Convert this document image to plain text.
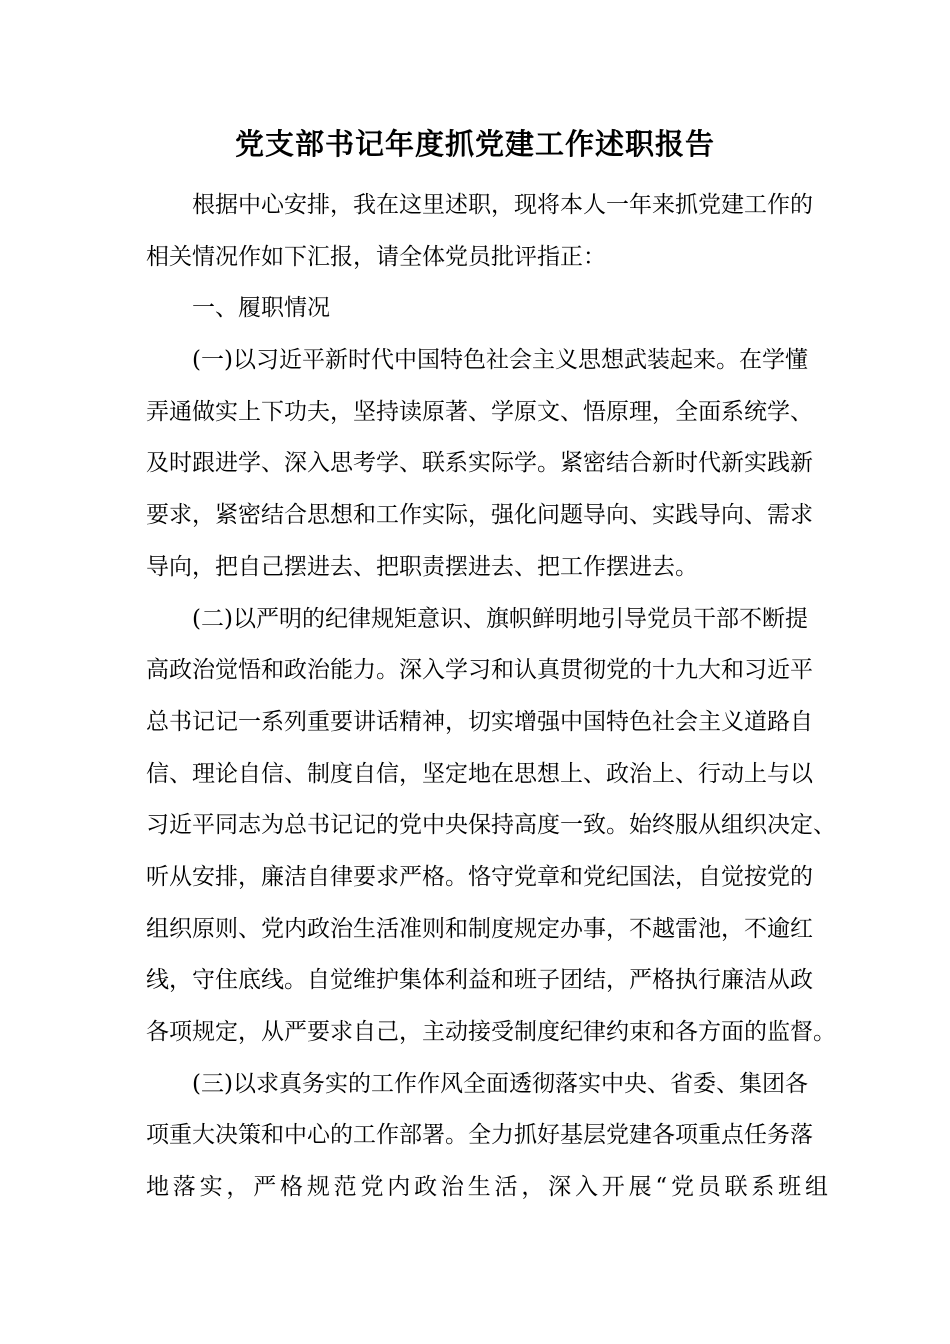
党支部书记年度抓党建工作述职报告

根据中心安排，我在这里述职，现将本人一年来抓党建工作的

相关情况作如下汇报，请全体党员批评指正：

一、履职情况

(一)以习近平新时代中国特色社会主义思想武装起来。在学懂

弄通做实上下功夫，坚持读原著、学原文、悟原理，全面系统学、

及时跟进学、深入思考学、联系实际学。紧密结合新时代新实践新

要求，紧密结合思想和工作实际，强化问题导向、实践导向、需求

导向，把自己摆进去、把职责摆进去、把工作摆进去。

(二)以严明的纪律规矩意识、旗帜鲜明地引导党员干部不断提

高政治觉悟和政治能力。深入学习和认真贯彻党的十九大和习近平

总书记记一系列重要讲话精神，切实增强中国特色社会主义道路自

信、理论自信、制度自信，坚定地在思想上、政治上、行动上与以

习近平同志为总书记记的党中央保持高度一致。始终服从组织决定、

听从安排，廉洁自律要求严格。恪守党章和党纪国法，自觉按党的

组织原则、党内政治生活准则和制度规定办事，不越雷池，不逾红

线，守住底线。自觉维护集体利益和班子团结，严格执行廉洁从政

各项规定，从严要求自己，主动接受制度纪律约束和各方面的监督。

(三)以求真务实的工作作风全面透彻落实中央、省委、集团各

项重大决策和中心的工作部署。全力抓好基层党建各项重点任务落

地落实，严格规范党内政治生活，深入开展“党员联系班组
